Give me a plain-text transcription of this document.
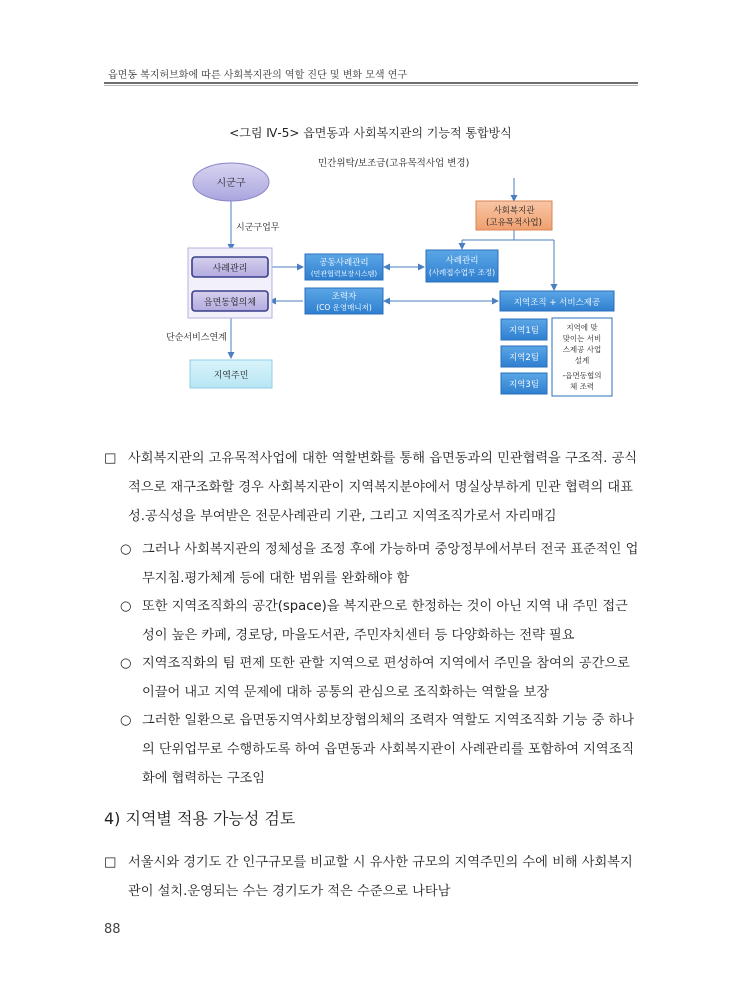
읍면동 복지허브화에 따른 사회복지관의 역할 진단 및 변화 모색 연구
<그림 Ⅳ-5> 읍면동과 사회복지관의 기능적 통합방식
시군구
시군구업무
민간위탁/보조금(고유목적사업 변경)
사회복지관
(고유목적사업)
사례관리
읍면동협의체
공동사례관리
(민관협력보장시스템)
조력자
(CO 운영매니저)
사례관리
(사례접수업무 조정)
지역조직 + 서비스제공
지역1팀
지역2팀
지역3팀
지역에 맞
맞이는 서비
스제공 사업
설계
-읍면동협의
체 조력
단순서비스연계
지역주민
□ 사회복지관의 고유목적사업에 대한 역할변화를 통해 읍면동과의 민관협력을 구조적. 공식적으로 재구조화할 경우 사회복지관이 지역복지분야에서 명실상부하게 민관 협력의 대표성.공식성을 부여받은 전문사례관리 기관, 그리고 지역조직가로서 자리매김
○ 그러나 사회복지관의 정체성을 조정 후에 가능하며 중앙정부에서부터 전국 표준적인 업무지침.평가체계 등에 대한 범위를 완화해야 함
○ 또한 지역조직화의 공간(space)을 복지관으로 한정하는 것이 아닌 지역 내 주민 접근성이 높은 카페, 경로당, 마을도서관, 주민자치센터 등 다양화하는 전략 필요
○ 지역조직화의 팀 편제 또한 관할 지역으로 편성하여 지역에서 주민을 참여의 공간으로 이끌어 내고 지역 문제에 대하 공통의 관심으로 조직화하는 역할을 보장
○ 그러한 일환으로 읍면동지역사회보장협의체의 조력자 역할도 지역조직화 기능 중 하나의 단위업무로 수행하도록 하여 읍면동과 사회복지관이 사례관리를 포함하여 지역조직화에 협력하는 구조임
4) 지역별 적용 가능성 검토
□ 서울시와 경기도 간 인구규모를 비교할 시 유사한 규모의 지역주민의 수에 비해 사회복지관이 설치.운영되는 수는 경기도가 적은 수준으로 나타남
88
